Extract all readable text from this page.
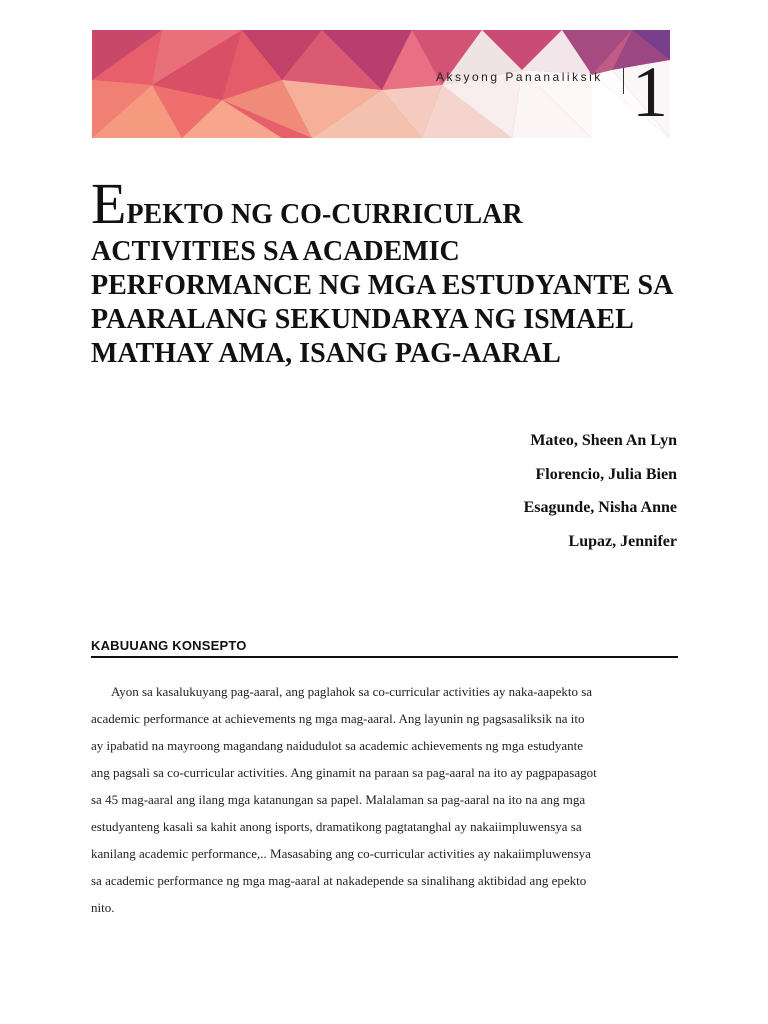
Aksyong Pananaliksik 1
EPEKTO NG CO-CURRICULAR
ACTIVITIES SA ACADEMIC
PERFORMANCE NG MGA ESTUDYANTE SA
PAARALANG SEKUNDARYA NG ISMAEL
MATHAY AMA, ISANG PAG-AARAL
Mateo, Sheen An Lyn
Florencio, Julia Bien
Esagunde, Nisha Anne
Lupaz, Jennifer
KABUUANG KONSEPTO
Ayon sa kasalukuyang pag-aaral, ang paglahok sa co-curricular activities ay naka-aapekto sa
academic performance at achievements ng mga mag-aaral. Ang layunin ng pagsasaliksik na ito
ay ipabatid na mayroong magandang naidudulot sa academic achievements ng mga estudyante
ang pagsali sa co-curricular activities. Ang ginamit na paraan sa pag-aaral na ito ay pagpapasagot
sa 45 mag-aaral ang ilang mga katanungan sa papel. Malalaman sa pag-aaral na ito na ang mga
estudyanteng kasali sa kahit anong isports, dramatikong pagtatanghal ay nakaiimpluwensya sa
kanilang academic performance,.. Masasabing ang co-curricular activities ay nakaiimpluwensya
sa academic performance ng mga mag-aaral at nakadepende sa sinalihang aktibidad ang epekto
nito.
